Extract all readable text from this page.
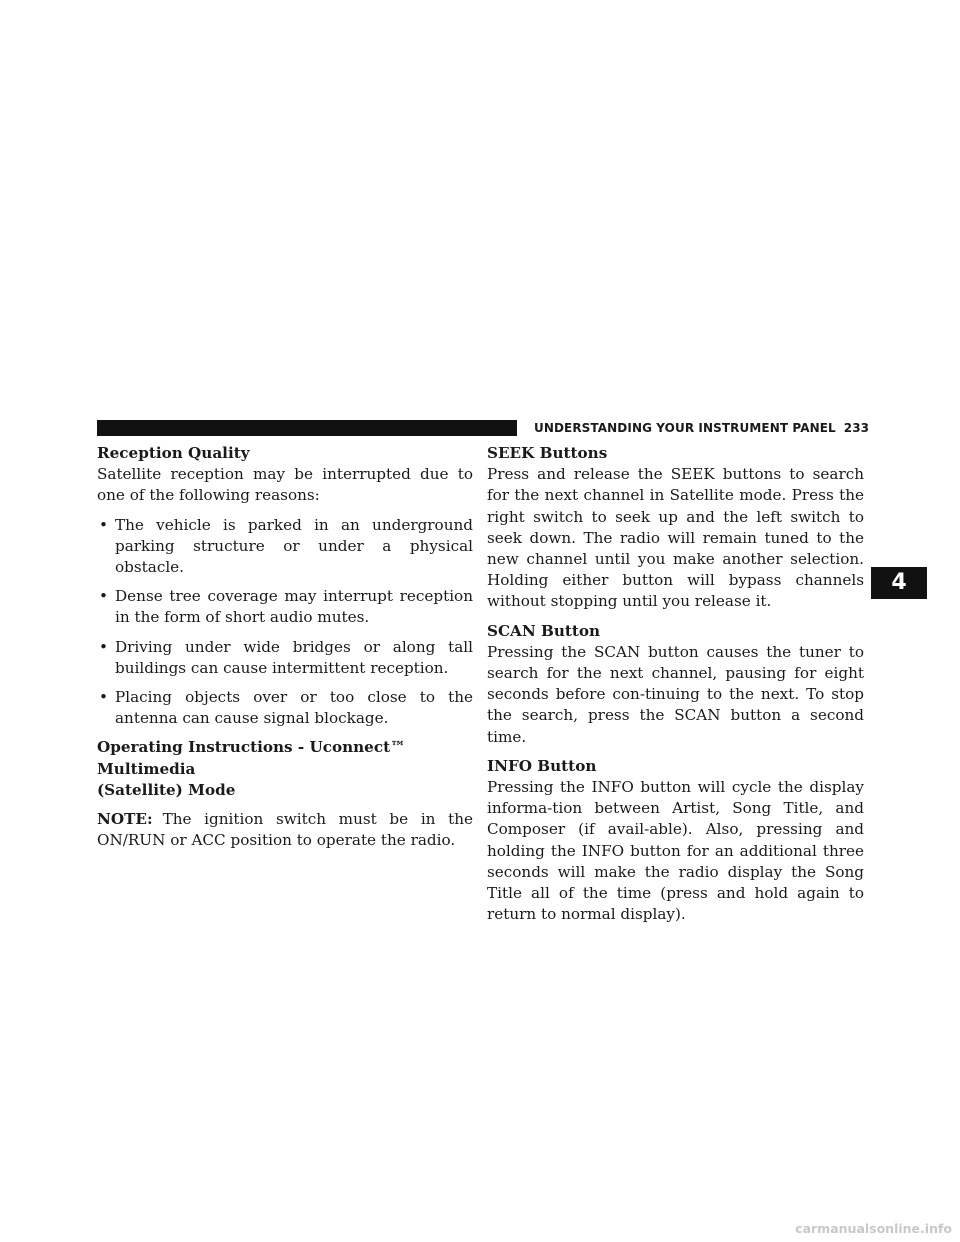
UNDERSTANDING YOUR INSTRUMENT PANEL 233

Reception Quality

Satellite reception may be interrupted due to one of the following reasons:

• The vehicle is parked in an underground parking structure or under a physical obstacle.
• Dense tree coverage may interrupt reception in the form of short audio mutes.
• Driving under wide bridges or along tall buildings can cause intermittent reception.
• Placing objects over or too close to the antenna can cause signal blockage.

Operating Instructions - Uconnect™ Multimedia
(Satellite) Mode

NOTE: The ignition switch must be in the ON/RUN or ACC position to operate the radio.

SEEK Buttons

Press and release the SEEK buttons to search for the next channel in Satellite mode. Press the right switch to seek up and the left switch to seek down. The radio will remain tuned to the new channel until you make another selection. Holding either button will bypass channels without stopping until you release it.

SCAN Button

Pressing the SCAN button causes the tuner to search for the next channel, pausing for eight seconds before con-tinuing to the next. To stop the search, press the SCAN button a second time.

INFO Button

Pressing the INFO button will cycle the display informa-tion between Artist, Song Title, and Composer (if avail-able). Also, pressing and holding the INFO button for an additional three seconds will make the radio display the Song Title all of the time (press and hold again to return to normal display).

4
carmanualsonline.info
